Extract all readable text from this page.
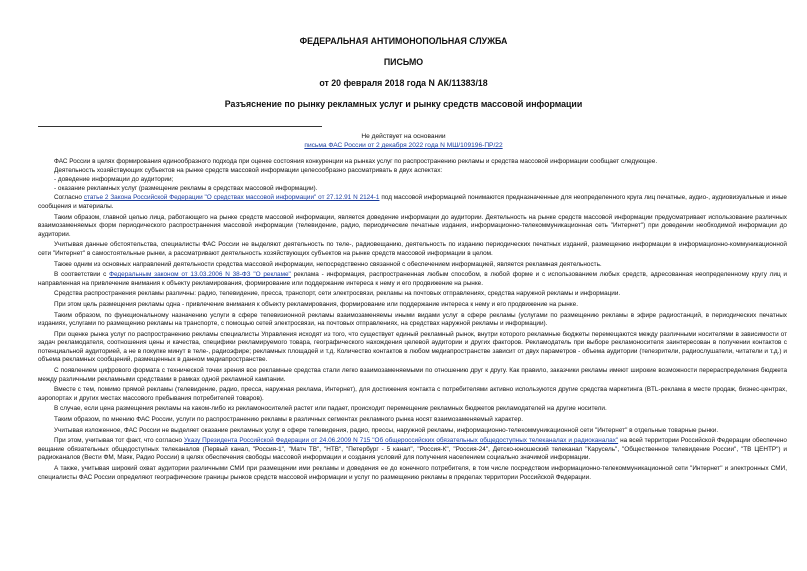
ФЕДЕРАЛЬНАЯ АНТИМОНОПОЛЬНАЯ СЛУЖБА
ПИСЬМО
от 20 февраля 2018 года N АК/11383/18
Разъяснение по рынку рекламных услуг и рынку средств массовой информации
Не действует на основании
письма ФАС России от 2 декабря 2022 года N МШ/109196-ПР/22

ФАС России в целях формирования единообразного подхода при оценке состояния конкуренции на рынках услуг по распространению рекламы и средства массовой информации сообщает следующее.

Деятельность хозяйствующих субъектов на рынке средств массовой информации целесообразно рассматривать в двух аспектах:

- доведение информации до аудитории;

- оказание рекламных услуг (размещение рекламы в средствах массовой информации).

Согласно статье 2 Закона Российской Федерации "О средствах массовой информации" от 27.12.91 N 2124-1 под массовой информацией понимаются предназначенные для неопределенного круга лиц печатные, аудио-, аудиовизуальные и иные сообщения и материалы.

Таким образом, главной целью лица, работающего на рынке средств массовой информации, является доведение информации до аудитории. Деятельность на рынке средств массовой информации предусматривает использование различных взаимозаменяемых форм периодического распространения массовой информации (телевидение, радио, периодические печатные издания, информационно-телекоммуникационная сеть "Интернет") при доведении необходимой информации до аудитории.

Учитывая данные обстоятельства, специалисты ФАС России не выделяют деятельность по теле-, радиовещанию, деятельность по изданию периодических печатных изданий, размещению информации в информационно-коммуникационной сети "Интернет" в самостоятельные рынки, а рассматривают деятельность хозяйствующих субъектов на рынке средств массовой информации в целом.

Также одним из основных направлений деятельности средства массовой информации, непосредственно связанной с обеспечением информацией, является рекламная деятельность.

В соответствии с Федеральным законом от 13.03.2006 N 38-ФЗ "О рекламе" реклама - информация, распространенная любым способом, в любой форме и с использованием любых средств, адресованная неопределенному кругу лиц и направленная на привлечение внимания к объекту рекламирования, формирование или поддержание интереса к нему и его продвижение на рынке.

Средства распространения рекламы различны: радио, телевидение, пресса, транспорт, сети электросвязи, рекламы на почтовых отправлениях, средства наружной рекламы и информации.

При этом цель размещения рекламы одна - привлечение внимания к объекту рекламирования, формирование или поддержание интереса к нему и его продвижение на рынке.

Таким образом, по функциональному назначению услуги в сфере телевизионной рекламы взаимозаменяемы иными видами услуг в сфере рекламы (услугами по размещению рекламы в эфире радиостанций, в периодических печатных изданиях, услугами по размещению рекламы на транспорте, с помощью сетей электросвязи, на почтовых отправлениях, на средствах наружной рекламы и информации).

При оценке рынка услуг по распространению рекламы специалисты Управления исходят из того, что существует единый рекламный рынок, внутри которого рекламные бюджеты перемещаются между различными носителями в зависимости от задач рекламодателя, соотношения цены и качества, специфики рекламируемого товара, географического нахождения целевой аудитории и других факторов. Рекламодатель при выборе рекламоносителя заинтересован в получении контактов с потенциальной аудиторией, а не в покупке минут в теле-, радиоэфире; рекламных площадей и т.д. Количество контактов в любом медиапространстве зависит от двух параметров - объема аудитории (телезрители, радиослушатели, читатели и т.д.) и объема рекламных сообщений, размещенных в данном медиапространстве.

С появлением цифрового формата с технической точки зрения все рекламные средства стали легко взаимозаменяемыми по отношению друг к другу. Как правило, заказчики рекламы имеют широкие возможности перераспределения бюджета между различными рекламными средствами в рамках одной рекламной кампании.

Вместе с тем, помимо прямой рекламы (телевидение, радио, пресса, наружная реклама, Интернет), для достижения контакта с потребителями активно используются другие средства маркетинга (BTL-реклама в месте продаж, бизнес-центрах, аэропортах и других местах массового пребывания потребителей товаров).

В случае, если цена размещения рекламы на каком-либо из рекламоносителей растет или падает, происходит перемещение рекламных бюджетов рекламодателей на другие носители.

Таким образом, по мнению ФАС России, услуги по распространению рекламы в различных сегментах рекламного рынка носят взаимозаменяемый характер.

Учитывая изложенное, ФАС России не выделяет оказание рекламных услуг в сфере телевидения, радио, прессы, наружной рекламы, информационно-телекоммуникационной сети "Интернет" в отдельные товарные рынки.

При этом, учитывая тот факт, что согласно Указу Президента Российской Федерации от 24.06.2009 N 715 "Об общероссийских обязательных общедоступных телеканалах и радиоканалах" на всей территории Российской Федерации обеспечено вещание обязательных общедоступных телеканалов (Первый канал, "Россия-1", "Матч ТВ", "НТВ", "Петербург - 5 канал", "Россия-К", "Россия-24", Детско-юношеский телеканал "Карусель", "Общественное телевидение России", "ТВ ЦЕНТР") и радиоканалов (Вести ФМ, Маяк, Радио России) в целях обеспечения свободы массовой информации и создания условий для получения населением социально значимой информации.

А также, учитывая широкий охват аудитории различными СМИ при размещении ими рекламы и доведения ее до конечного потребителя, в том числе посредством информационно-телекоммуникационной сети "Интернет" и электронных СМИ, специалисты ФАС России определяют географические границы рынков средств массовой информации и услуг по размещению рекламы в пределах территории Российской Федерации.
